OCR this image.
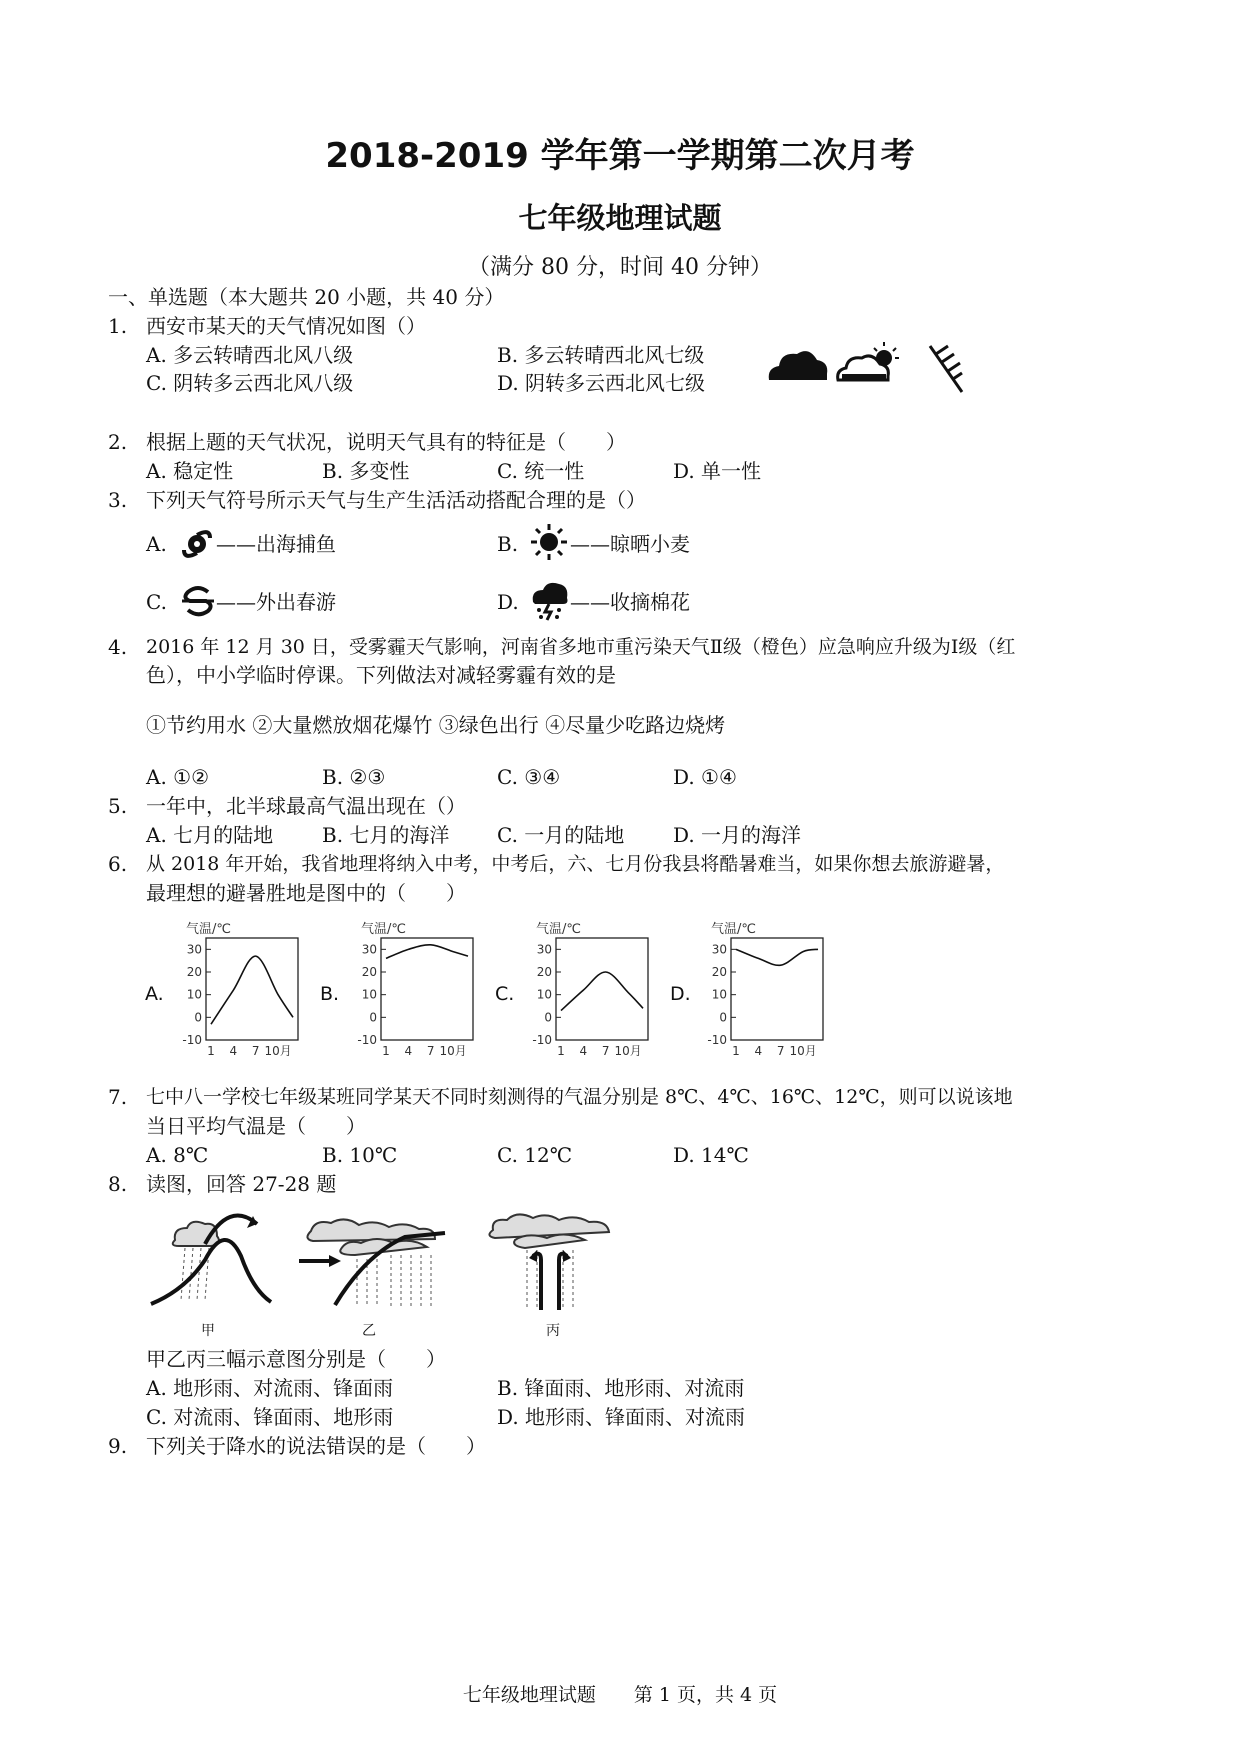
2018-2019 学年第一学期第二次月考
七年级地理试题
（满分 80 分，时间 40 分钟）
一、单选题（本大题共 20 小题，共 40 分）
1. 西安市某天的天气情况如图（）
A. 多云转晴西北风八级	B. 多云转晴西北风七级
C. 阴转多云西北风八级	D. 阴转多云西北风七级
2. 根据上题的天气状况，说明天气具有的特征是（　　）
A. 稳定性	B. 多变性	C. 统一性	D. 单一性
3. 下列天气符号所示天气与生产生活活动搭配合理的是（）
A. ——出海捕鱼	B.	——晾晒小麦
C. ——外出春游	D.	——收摘棉花
4. 2016 年 12 月 30 日，受雾霾天气影响，河南省多地市重污染天气Ⅱ级（橙色）应急响应升级为Ⅰ级（红
色），中小学临时停课。下列做法对减轻雾霾有效的是
①节约用水 ②大量燃放烟花爆竹 ③绿色出行 ④尽量少吃路边烧烤
A. ①②	B. ②③	C. ③④	D. ①④
5. 一年中，北半球最高气温出现在（）
A. 七月的陆地 B. 七月的海洋 C. 一月的陆地 D. 一月的海洋
6. 从 2018 年开始，我省地理将纳入中考，中考后，六、七月份我县将酷暑难当，如果你想去旅游避暑，
最理想的避暑胜地是图中的（　　）
A.
气温/℃
30
20
10
0
-10
1 4 7 10月
B.
气温/℃
30
20
10
0
-10
1 4 7 10月
C.
气温/℃
30
20
10
0
-10
1 4 7 10月
D.
气温/℃
30
20
10
0
-10
1 4 7 10月
7. 七中八一学校七年级某班同学某天不同时刻测得的气温分别是 8℃、4℃、16℃、12℃，则可以说该地
当日平均气温是（　　）
A. 8℃	B. 10℃	C. 12℃	D. 14℃
8. 读图，回答 27-28 题
甲	乙	丙
甲乙丙三幅示意图分别是（　　）
A. 地形雨、对流雨、锋面雨	B. 锋面雨、地形雨、对流雨
C. 对流雨、锋面雨、地形雨	D. 地形雨、锋面雨、对流雨
9. 下列关于降水的说法错误的是（　　）
七年级地理试题　　第 1 页，共 4 页
